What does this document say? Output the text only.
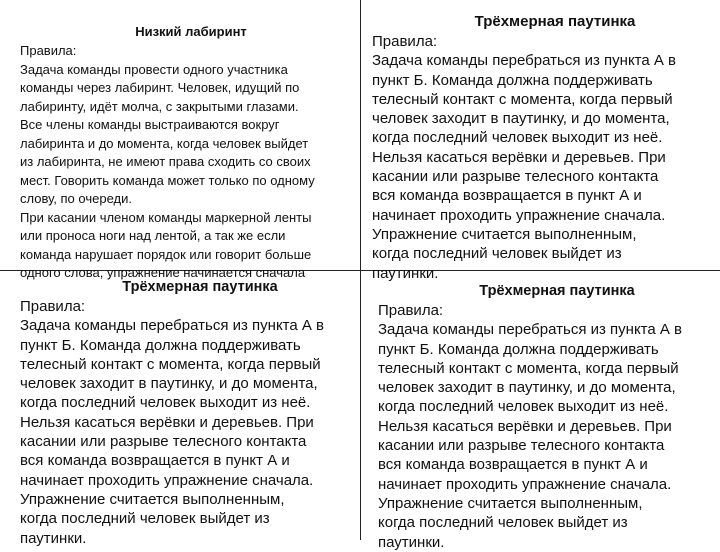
Низкий лабиринт

Правила:

Задача команды провести одного участника

команды через лабиринт. Человек, идущий по

лабиринту, идёт молча, с закрытыми глазами.

Все члены команды выстраиваются вокруг

лабиринта и до момента, когда человек выйдет

из лабиринта, не имеют права сходить со своих

мест. Говорить команда может только по одному

слову, по очереди.

При касании членом команды маркерной ленты

или проноса ноги над лентой, а так же если

команда нарушает порядок или говорит больше

одного слова, упражнение начинается сначала

Трёхмерная паутинка

Правила:

Задача команды перебраться из пункта А в

пункт Б. Команда должна поддерживать

телесный контакт с момента, когда первый

человек заходит в паутинку, и до момента,

когда последний человек выходит из неё.

Нельзя касаться верёвки и деревьев. При

касании или разрыве телесного контакта

вся команда возвращается в пункт А и

начинает проходить упражнение сначала.

Упражнение считается выполненным,

когда последний человек выйдет из

паутинки.

Трёхмерная паутинка

Правила:

Задача команды перебраться из пункта А в

пункт Б. Команда должна поддерживать

телесный контакт с момента, когда первый

человек заходит в паутинку, и до момента,

когда последний человек выходит из неё.

Нельзя касаться верёвки и деревьев. При

касании или разрыве телесного контакта

вся команда возвращается в пункт А и

начинает проходить упражнение сначала.

Упражнение считается выполненным,

когда последний человек выйдет из

паутинки.

Трёхмерная паутинка

Правила:

Задача команды перебраться из пункта А в

пункт Б. Команда должна поддерживать

телесный контакт с момента, когда первый

человек заходит в паутинку, и до момента,

когда последний человек выходит из неё.

Нельзя касаться верёвки и деревьев. При

касании или разрыве телесного контакта

вся команда возвращается в пункт А и

начинает проходить упражнение сначала.

Упражнение считается выполненным,

когда последний человек выйдет из

паутинки.
